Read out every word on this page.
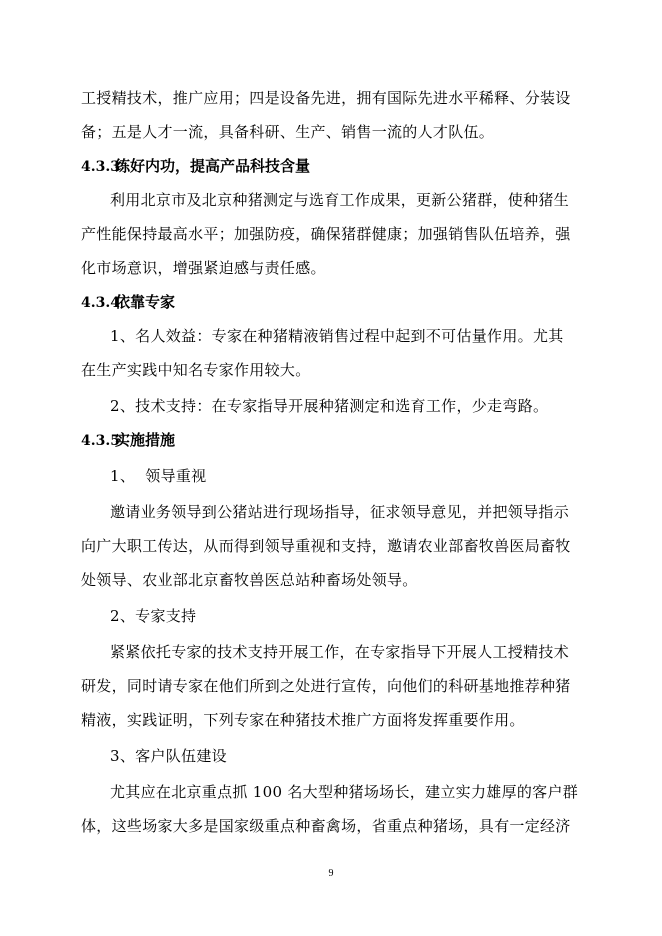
工授精技术，推广应用；四是设备先进，拥有国际先进水平稀释、分装设
备；五是人才一流，具备科研、生产、销售一流的人才队伍。
4.3.3练好内功，提高产品科技含量
利用北京市及北京种猪测定与选育工作成果，更新公猪群，使种猪生
产性能保持最高水平；加强防疫，确保猪群健康；加强销售队伍培养，强
化市场意识，增强紧迫感与责任感。
4.3.4依靠专家
1、名人效益：专家在种猪精液销售过程中起到不可估量作用。尤其
在生产实践中知名专家作用较大。
2、技术支持：在专家指导开展种猪测定和选育工作，少走弯路。
4.3.5实施措施
1、  领导重视
邀请业务领导到公猪站进行现场指导，征求领导意见，并把领导指示
向广大职工传达，从而得到领导重视和支持，邀请农业部畜牧兽医局畜牧
处领导、农业部北京畜牧兽医总站种畜场处领导。
2、专家支持
紧紧依托专家的技术支持开展工作，在专家指导下开展人工授精技术
研发，同时请专家在他们所到之处进行宣传，向他们的科研基地推荐种猪
精液，实践证明，下列专家在种猪技术推广方面将发挥重要作用。
3、客户队伍建设
尤其应在北京重点抓 100 名大型种猪场场长，建立实力雄厚的客户群
体，这些场家大多是国家级重点种畜禽场，省重点种猪场，具有一定经济
9
